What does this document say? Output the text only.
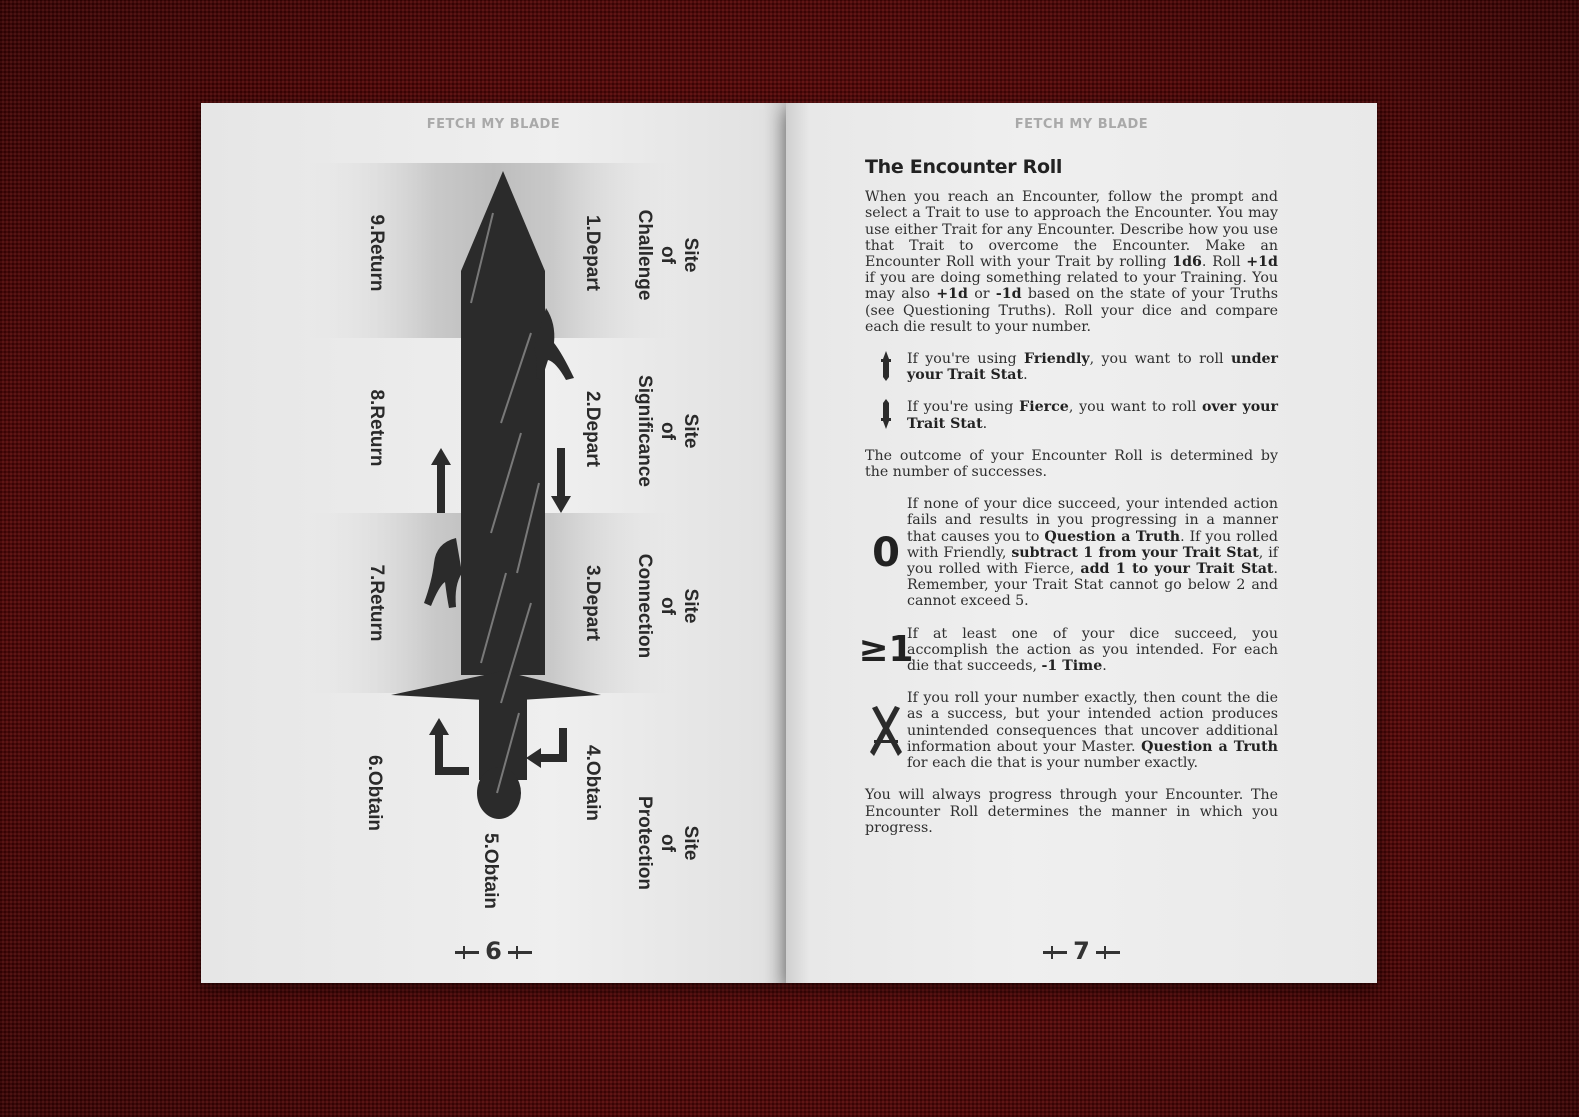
FETCH MY BLADE
SiteofChallenge
SiteofSignificance
SiteofConnection
SiteofProtection
1.Depart
2.Depart
3.Depart
4.Obtain
5.Obtain
6.Obtain
7.Return
8.Return
9.Return
6
FETCH MY BLADE
The Encounter Roll

When you reach an Encounter, follow the prompt and select a Trait to use to approach the Encounter. You may use either Trait for any Encounter. Describe how you use that Trait to overcome the Encounter. Make an Encounter Roll with your Trait by rolling 1d6. Roll +1d if you are doing something related to your Training. You may also +1d or -1d based on the state of your Truths (see Questioning Truths). Roll your dice and compare each die result to your number.

If you're using Friendly, you want to roll under your Trait Stat.
If you're using Fierce, you want to roll over your Trait Stat.

The outcome of your Encounter Roll is determined by the number of successes.

0
If none of your dice succeed, your intended action fails and results in you progressing in a manner that causes you to Question a Truth. If you rolled with Friendly, subtract 1 from your Trait Stat, if you rolled with Fierce, add 1 to your Trait Stat. Remember, your Trait Stat cannot go below 2 and cannot exceed 5.
≥1
If at least one of your dice succeed, you accomplish the action as you intended. For each die that succeeds, -1 Time.
If you roll your number exactly, then count the die as a success, but your intended action produces unintended consequences that uncover additional information about your Master. Question a Truth for each die that is your number exactly.

You will always progress through your Encounter. The Encounter Roll determines the manner in which you progress.

7
